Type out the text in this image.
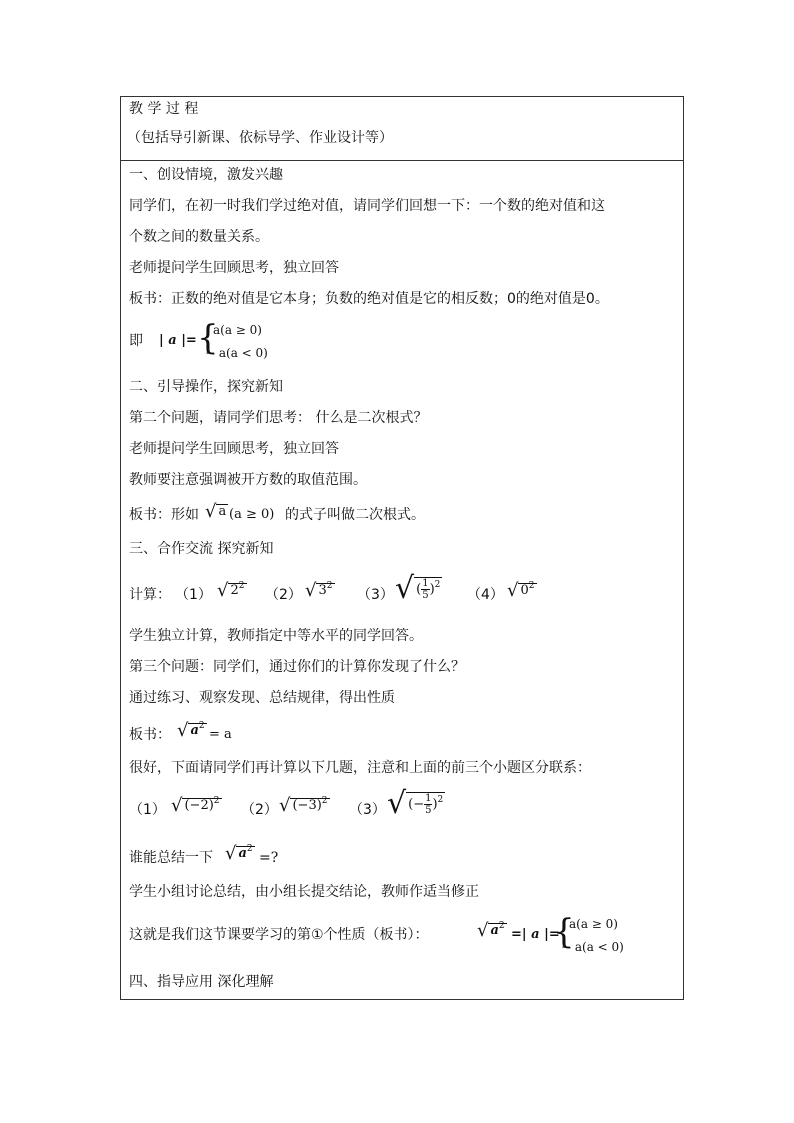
教 学 过 程
（包括导引新课、依标导学、作业设计等）
一、创设情境，激发兴趣
同学们，在初一时我们学过绝对值，请同学们回想一下：一个数的绝对值和这
个数之间的数量关系。
老师提问学生回顾思考，独立回答
板书：正数的绝对值是它本身；负数的绝对值是它的相反数；0的绝对值是0。
即 | a |= {
a(a ≥ 0)
− a(a < 0)
二、引导操作，探究新知
第二个问题，请同学们思考： 什么是二次根式？
老师提问学生回顾思考，独立回答
教师要注意强调被开方数的取值范围。
板书：形如 √ a (a ≥ 0) 的式子叫做二次根式。
三、合作交流 探究新知
计算： （1） √ $2^2$
（2） √ $3^2$
（3） √ ( $\frac{1}{5} )^2$
（4） √ $0^2$
学生独立计算，教师指定中等水平的同学回答。
第三个问题：同学们，通过你们的计算你发现了什么？
通过练习、观察发现、总结规律，得出性质
板书： √ $a^2$
= a
很好，下面请同学们再计算以下几题，注意和上面的前三个小题区分联系：
（1） √ $(-2)^2$
（2） √ $(-3)^2$
（3） √ (− $\frac{1}{5} )^2$
谁能总结一下 √ $a^2$
=?
学生小组讨论总结，由小组长提交结论，教师作适当修正
这就是我们这节课要学习的第①个性质（板书）：	√ $a^2$
=| a |=
{
a(a ≥ 0)
− a(a < 0)
四、指导应用 深化理解
